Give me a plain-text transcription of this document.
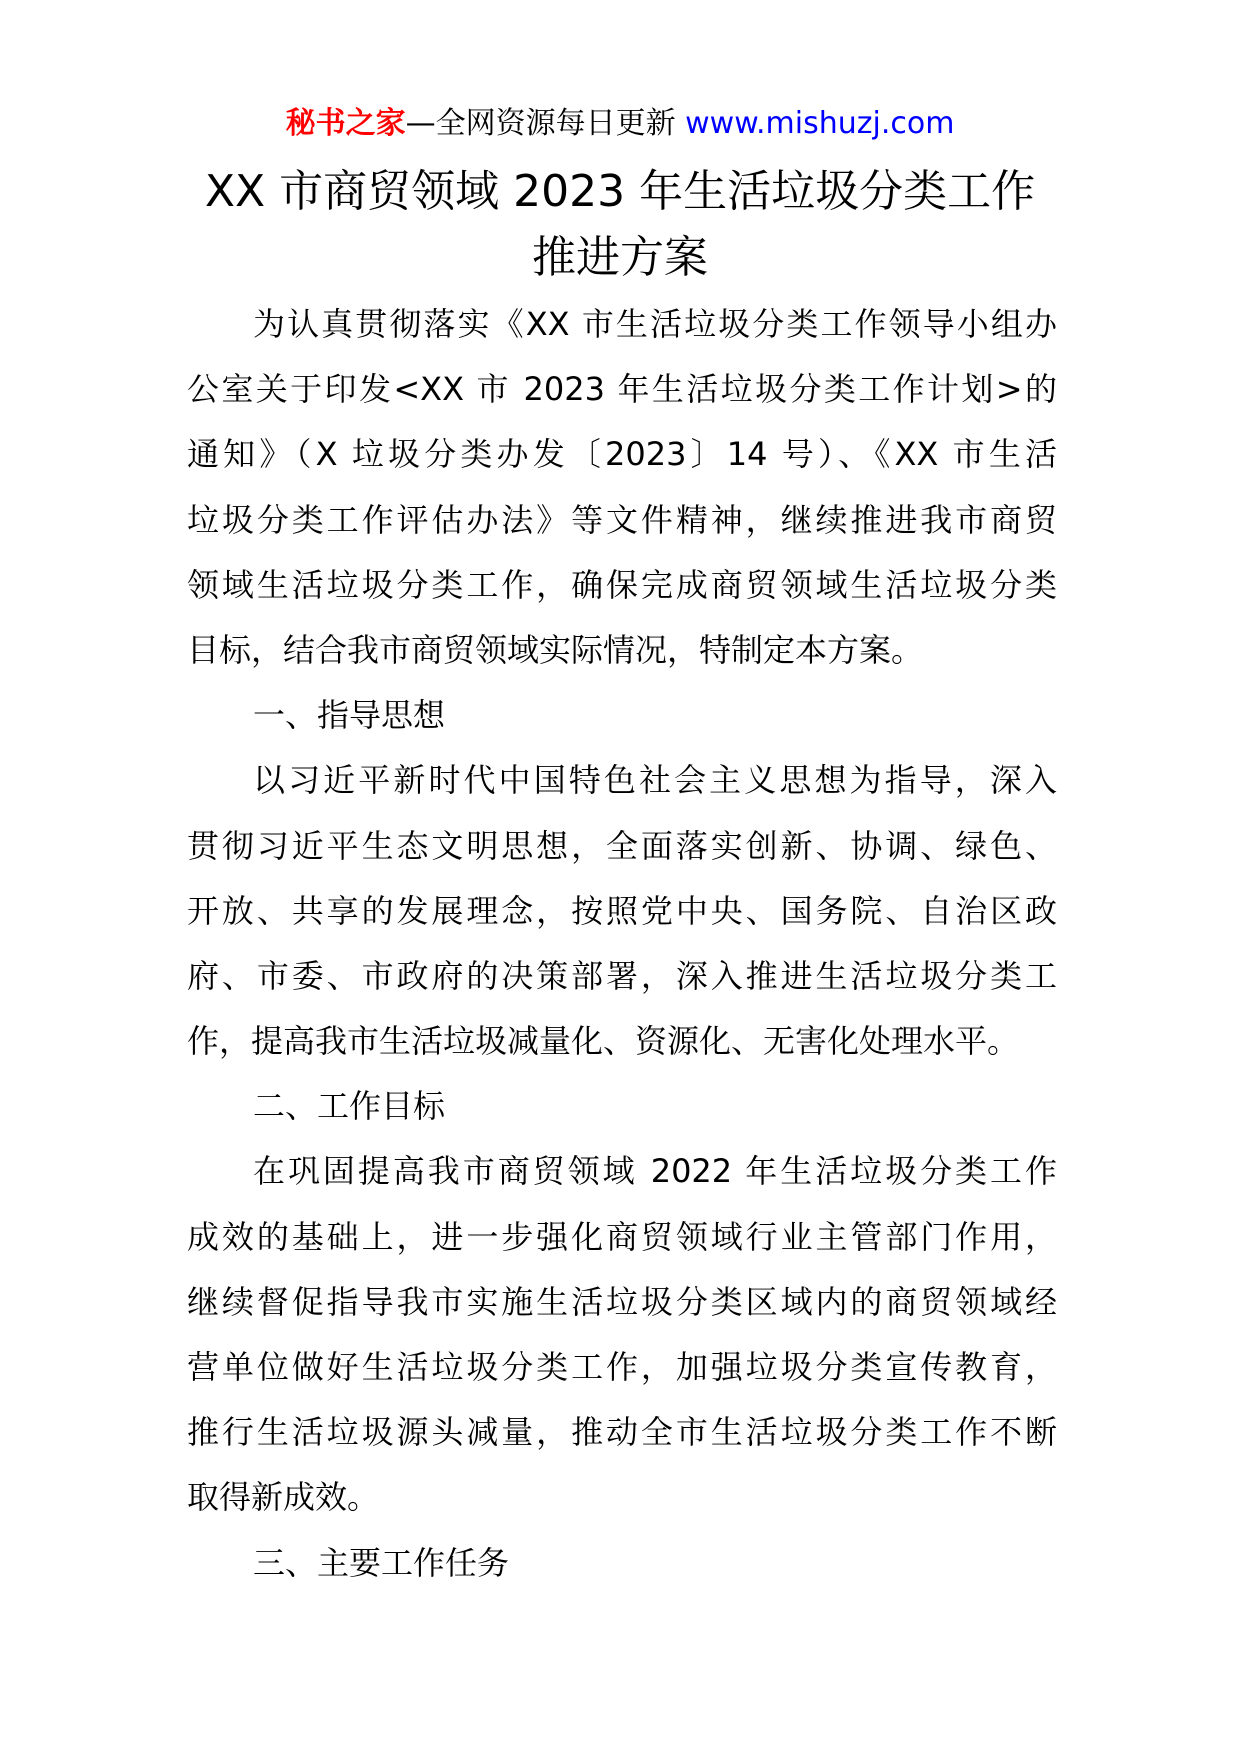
秘书之家—全网资源每日更新 www.mishuzj.com
XX 市商贸领域 2023 年生活垃圾分类工作
推进方案
为认真贯彻落实《XX 市生活垃圾分类工作领导小组办
公室关于印发<XX 市 2023 年生活垃圾分类工作计划>的
通知》（X 垃圾分类办发〔2023〕14 号）、《XX 市生活
垃圾分类工作评估办法》等文件精神，继续推进我市商贸
领域生活垃圾分类工作，确保完成商贸领域生活垃圾分类
目标，结合我市商贸领域实际情况，特制定本方案。
一、指导思想
以习近平新时代中国特色社会主义思想为指导，深入
贯彻习近平生态文明思想，全面落实创新、协调、绿色、
开放、共享的发展理念，按照党中央、国务院、自治区政
府、市委、市政府的决策部署，深入推进生活垃圾分类工
作，提高我市生活垃圾减量化、资源化、无害化处理水平。
二、工作目标
在巩固提高我市商贸领域 2022 年生活垃圾分类工作
成效的基础上，进一步强化商贸领域行业主管部门作用，
继续督促指导我市实施生活垃圾分类区域内的商贸领域经
营单位做好生活垃圾分类工作，加强垃圾分类宣传教育，
推行生活垃圾源头减量，推动全市生活垃圾分类工作不断
取得新成效。
三、主要工作任务
